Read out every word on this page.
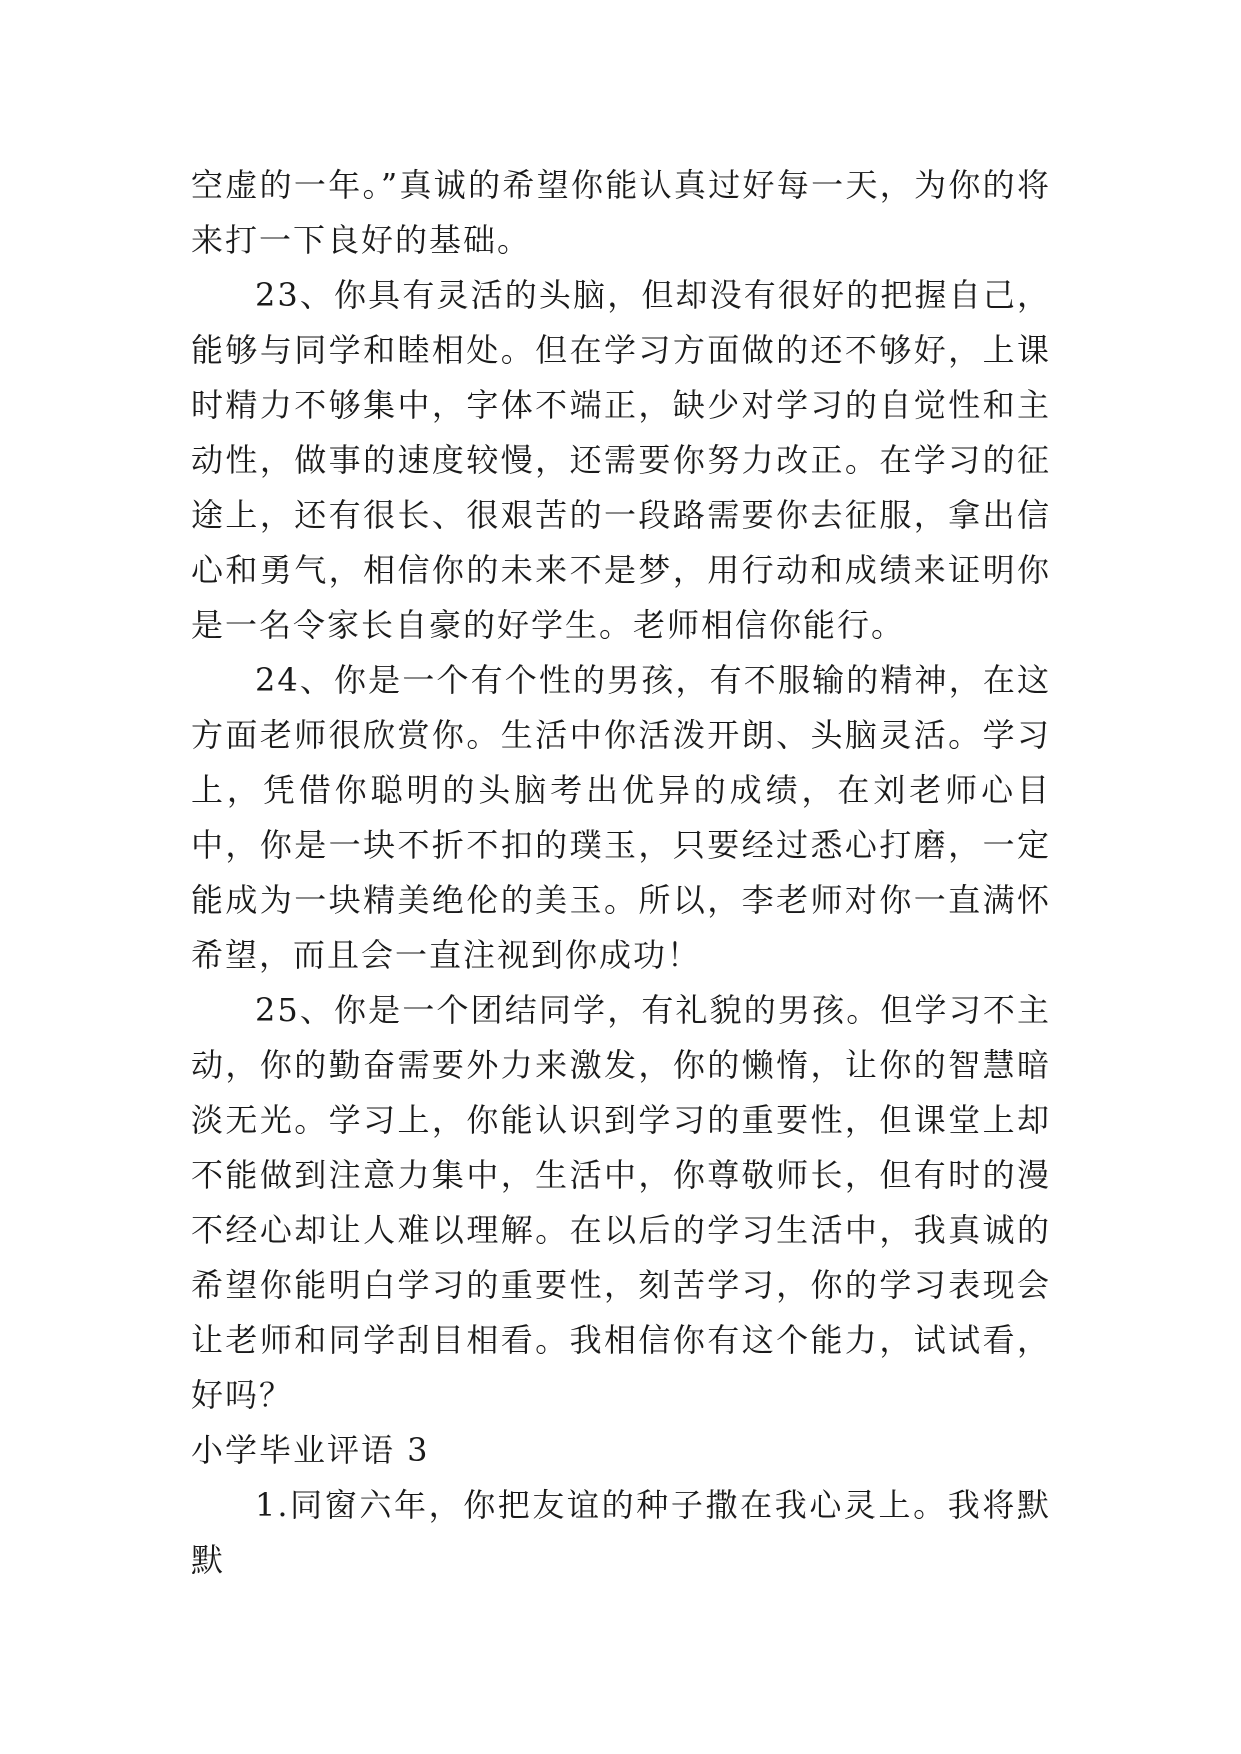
空虚的一年。”真诚的希望你能认真过好每一天，为你的将来打一下良好的基础。

23、你具有灵活的头脑，但却没有很好的把握自己，能够与同学和睦相处。但在学习方面做的还不够好，上课时精力不够集中，字体不端正，缺少对学习的自觉性和主动性，做事的速度较慢，还需要你努力改正。在学习的征途上，还有很长、很艰苦的一段路需要你去征服，拿出信心和勇气，相信你的未来不是梦，用行动和成绩来证明你是一名令家长自豪的好学生。老师相信你能行。

24、你是一个有个性的男孩，有不服输的精神，在这方面老师很欣赏你。生活中你活泼开朗、头脑灵活。学习上，凭借你聪明的头脑考出优异的成绩，在刘老师心目中，你是一块不折不扣的璞玉，只要经过悉心打磨，一定能成为一块精美绝伦的美玉。所以，李老师对你一直满怀希望，而且会一直注视到你成功！

25、你是一个团结同学，有礼貌的男孩。但学习不主动，你的勤奋需要外力来激发，你的懒惰，让你的智慧暗淡无光。学习上，你能认识到学习的重要性，但课堂上却不能做到注意力集中，生活中，你尊敬师长，但有时的漫不经心却让人难以理解。在以后的学习生活中，我真诚的希望你能明白学习的重要性，刻苦学习，你的学习表现会让老师和同学刮目相看。我相信你有这个能力，试试看，好吗？

小学毕业评语 3

1.同窗六年，你把友谊的种子撒在我心灵上。我将默默
